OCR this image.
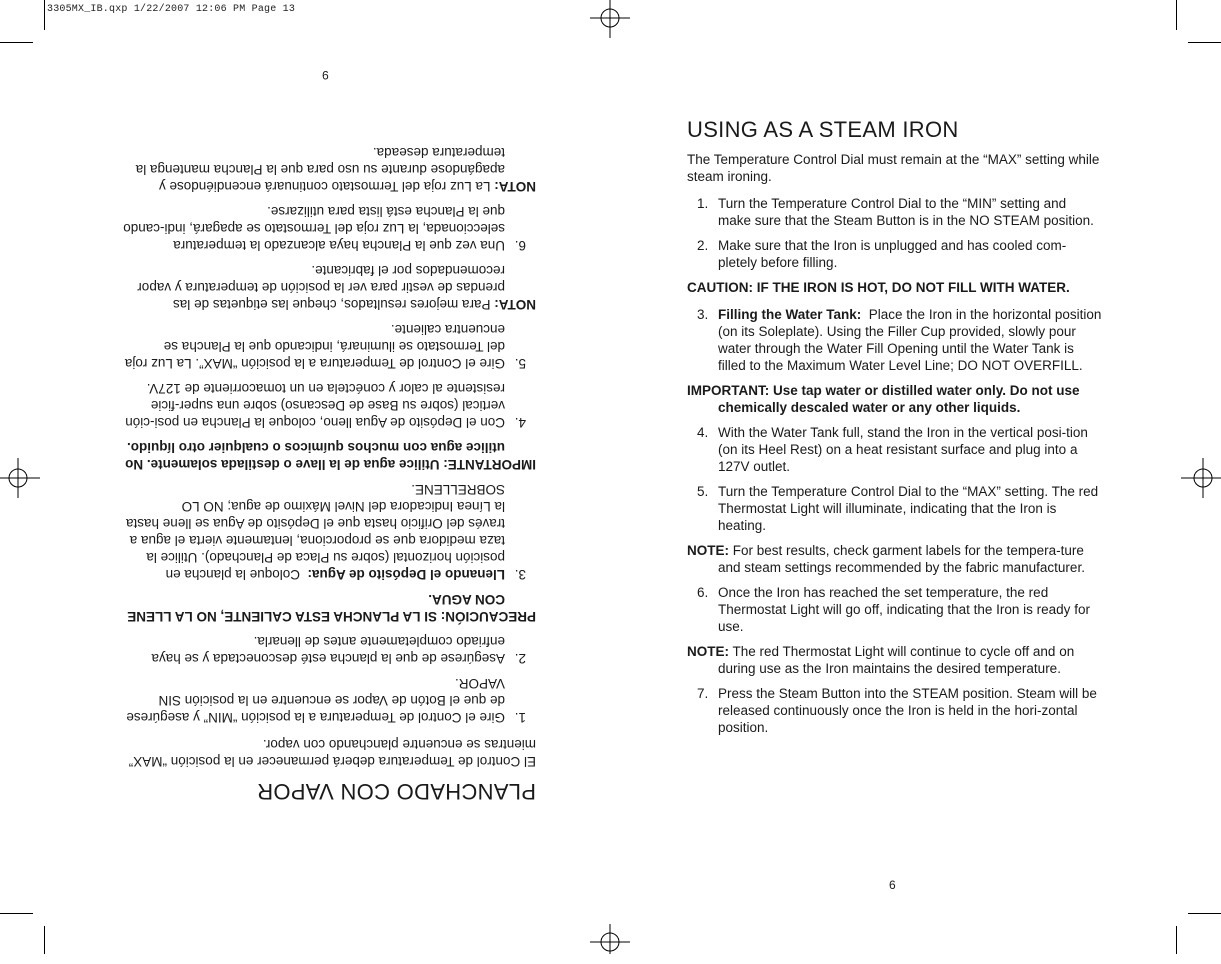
3305MX_IB.qxp 1/22/2007 12:06 PM Page 13
9
6
USING AS A STEAM IRON
The Temperature Control Dial must remain at the “MAX” setting while steam ironing.
1. Turn the Temperature Control Dial to the “MIN” setting and make sure that the Steam Button is in the NO STEAM position.
2. Make sure that the Iron is unplugged and has cooled com-pletely before filling.
CAUTION: IF THE IRON IS HOT, DO NOT FILL WITH WATER.
3. Filling the Water Tank: Place the Iron in the horizontal position (on its Soleplate). Using the Filler Cup provided, slowly pour water through the Water Fill Opening until the Water Tank is filled to the Maximum Water Level Line; DO NOT OVERFILL.
IMPORTANT: Use tap water or distilled water only. Do not use chemically descaled water or any other liquids.
4. With the Water Tank full, stand the Iron in the vertical posi-tion (on its Heel Rest) on a heat resistant surface and plug into a 127V outlet.
5. Turn the Temperature Control Dial to the “MAX” setting. The red Thermostat Light will illuminate, indicating that the Iron is heating.
NOTE: For best results, check garment labels for the tempera-ture and steam settings recommended by the fabric manufacturer.
6. Once the Iron has reached the set temperature, the red Thermostat Light will go off, indicating that the Iron is ready for use.
NOTE: The red Thermostat Light will continue to cycle off and on during use as the Iron maintains the desired temperature.
7. Press the Steam Button into the STEAM position. Steam will be released continuously once the Iron is held in the hori-zontal position.
PLANCHADO CON VAPOR
El Control de Temperatura deberá permanecer en la posición “MAX” mientras se encuentre planchando con vapor.
1.
Gire el Control de Temperatura a la posición “MIN” y asegúrese de que el Botón de Vapor se encuentre en la posición SIN VAPOR.
2.
Asegúrese de que la plancha esté desconectada y se haya enfriado completamente antes de llenarla.
PRECAUCIÓN: SI LA PLANCHA ESTA CALIENTE, NO LA LLENE CON AGUA.
3.
Llenando el Depósito de Agua:  Coloque la plancha en posición horizontal (sobre su Placa de Planchado). Utilice la taza medidora que se proporciona, lentamente vierta el agua a través del Orificio hasta que el Depósito de Agua se llene hasta la Línea Indicadora del Nivel Máximo de agua; NO LO SOBRELLENE.
IMPORTANTE: Utilice agua de la llave o destilada solamente. No utilice agua con muchos químicos o cualquier otro líquido.
4.
Con el Depósito de Agua lleno, coloque la Plancha en posi-ción vertical (sobre su Base de Descanso) sobre una super-ficie resistente al calor y conéctela en un tomacorriente de 127V.
5.
Gire el Control de Temperatura a la posición “MAX”. La Luz roja del Termostato se iluminará, indicando que la Plancha se encuentra caliente.
NOTA: Para mejores resultados, cheque las etiquetas de las prendas de vestir para ver la posición de temperatura y vapor recomendados por el fabricante.
6.
Una vez que la Plancha haya alcanzado la temperatura seleccionada, la Luz roja del Termostato se apagará, indi-cando que la Plancha está lista para utilizarse.
NOTA: La Luz roja del Termostato continuará encendiéndose y apagándose durante su uso para que la Plancha mantenga la temperatura deseada.
